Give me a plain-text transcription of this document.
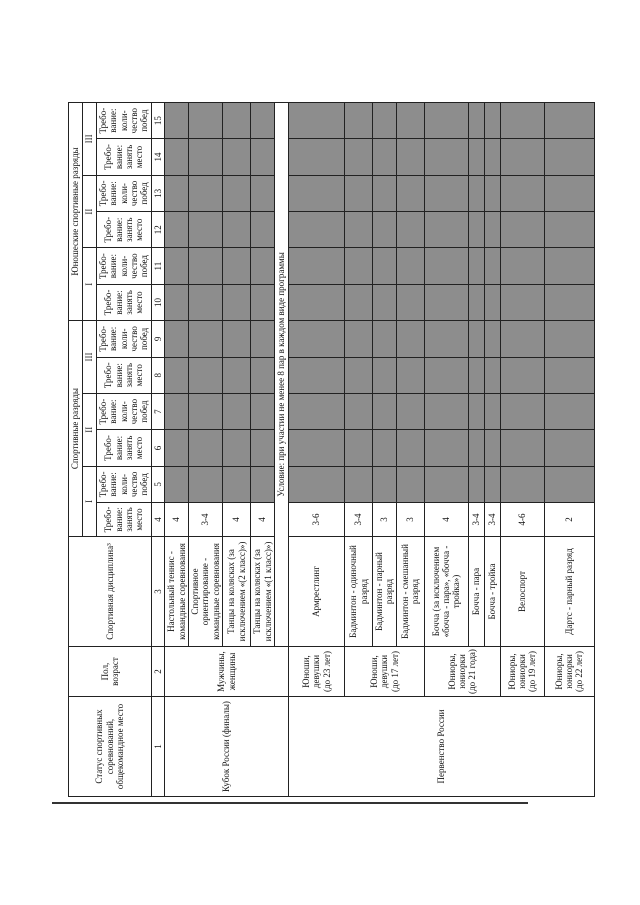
Статус спортивных соревнований, общекомандное место	Пол, возраст	Спортивная дисциплина³	Спортивные разряды						Юношеские спортивные разряды					
			I		II		III		I		II		III	
			Требо-вание: занять место	Требо-вание: коли-чество побед	Требо-вание: занять место	Требо-вание: коли-чество побед	Требо-вание: занять место	Требо-вание: коли-чество побед	Требо-вание: занять место	Требо-вание: коли-чество побед	Требо-вание: занять место	Требо-вание: коли-чество побед	Требо-вание: занять место	Требо-вание: коли-чество побед
1	2	3	4	5	6	7	8	9	10	11	12	13	14	15
Кубок России (финалы)	Мужчины, женщины	Настольный теннис - командные соревнования	4											
		Спортивное ориентирование - командные соревнования	3-4											
		Танцы на колясках (за исключением «(2 класс)»)	4											
		Танцы на колясках (за исключением «(1 класс)»)	4											
		Условие: при участии не менее 8 пар в каждом виде программы												
Первенство России	Юноши, девушки (до 23 лет)	Армрестлинг	3-6											
	Юноши, девушки (до 17 лет)	Бадминтон - одиночный разряд	3-4											
		Бадминтон - парный разряд	3											
		Бадминтон - смешанный разряд	3											
	Юниоры, юниорки (до 21 года)	Бочча (за исключением «бочча - пара», «бочча - тройка»)	4											
		Бочча - пара	3-4											
		Бочча - тройка	3-4											
	Юниоры, юниорки (до 19 лет)	Велоспорт	4-6											
	Юниоры, юниорки (до 22 лет)	Дартс - парный разряд	2											
